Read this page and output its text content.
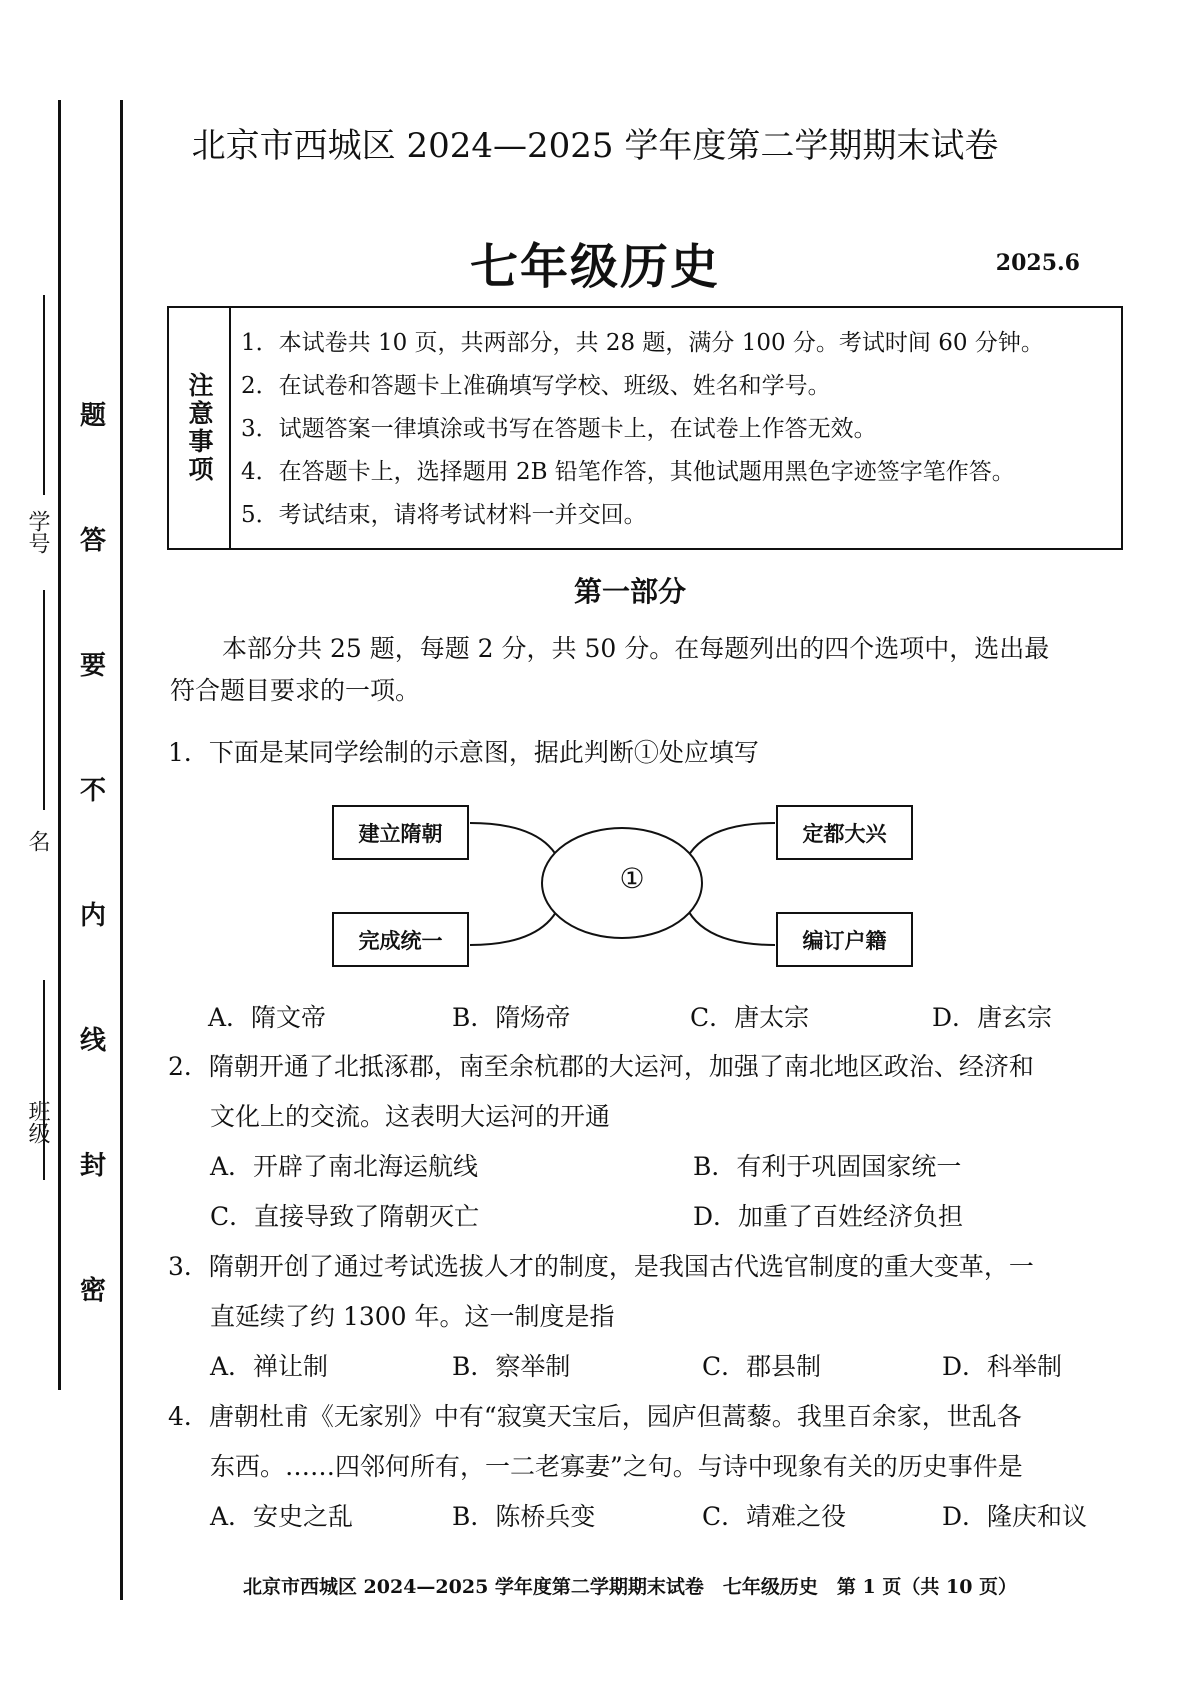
学号
名
班级
题
答
要
不
内
线
封
密
北京市西城区 2024—2025 学年度第二学期期末试卷
七年级历史	2025.6
注意事项
1．本试卷共 10 页，共两部分，共 28 题，满分 100 分。考试时间 60 分钟。
2．在试卷和答题卡上准确填写学校、班级、姓名和学号。
3．试题答案一律填涂或书写在答题卡上，在试卷上作答无效。
4．在答题卡上，选择题用 2B 铅笔作答，其他试题用黑色字迹签字笔作答。
5．考试结束，请将考试材料一并交回。
第一部分
本部分共 25 题，每题 2 分，共 50 分。在每题列出的四个选项中，选出最
符合题目要求的一项。
1．下面是某同学绘制的示意图，据此判断①处应填写
建立隋朝
完成统一
定都大兴
编订户籍
①
A．隋文帝	B．隋炀帝	C．唐太宗	D．唐玄宗
2．隋朝开通了北抵涿郡，南至余杭郡的大运河，加强了南北地区政治、经济和
文化上的交流。这表明大运河的开通
A．开辟了南北海运航线	B．有利于巩固国家统一
C．直接导致了隋朝灭亡	D．加重了百姓经济负担
3．隋朝开创了通过考试选拔人才的制度，是我国古代选官制度的重大变革，一
直延续了约 1300 年。这一制度是指
A．禅让制	B．察举制	C．郡县制	D．科举制
4．唐朝杜甫《无家别》中有“寂寞天宝后，园庐但蒿藜。我里百余家，世乱各
东西。……四邻何所有，一二老寡妻”之句。与诗中现象有关的历史事件是
A．安史之乱	B．陈桥兵变	C．靖难之役	D．隆庆和议
北京市西城区 2024—2025 学年度第二学期期末试卷　七年级历史　第 1 页（共 10 页）
